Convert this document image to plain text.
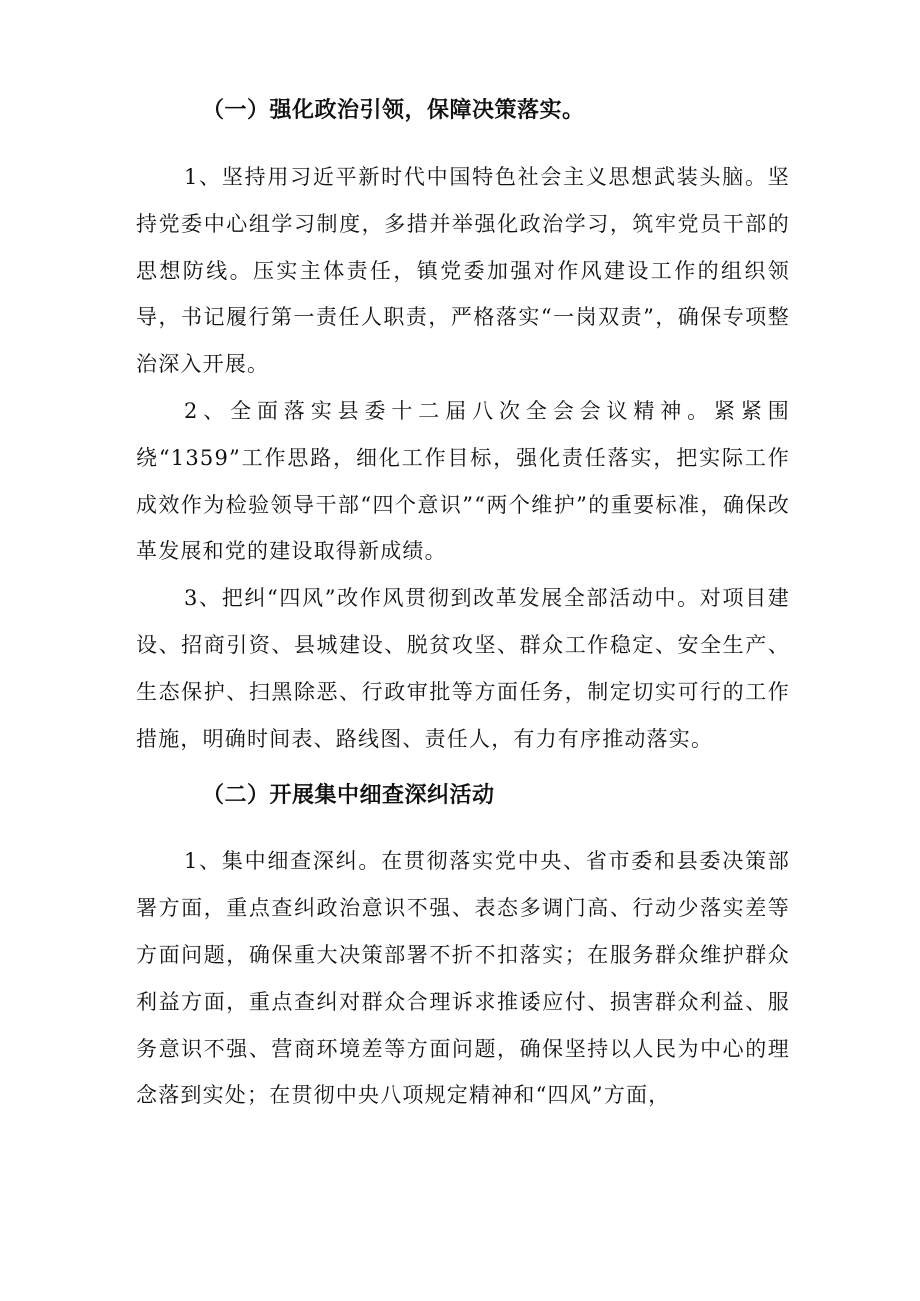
（一）强化政治引领，保障决策落实。

1、坚持用习近平新时代中国特色社会主义思想武装头脑。坚持党委中心组学习制度，多措并举强化政治学习，筑牢党员干部的思想防线。压实主体责任，镇党委加强对作风建设工作的组织领导，书记履行第一责任人职责，严格落实“一岗双责”，确保专项整治深入开展。

2、全面落实县委十二届八次全会会议精神。紧紧围绕“1359”工作思路，细化工作目标，强化责任落实，把实际工作成效作为检验领导干部“四个意识”“两个维护”的重要标准，确保改革发展和党的建设取得新成绩。

3、把纠“四风”改作风贯彻到改革发展全部活动中。对项目建设、招商引资、县城建设、脱贫攻坚、群众工作稳定、安全生产、生态保护、扫黑除恶、行政审批等方面任务，制定切实可行的工作措施，明确时间表、路线图、责任人，有力有序推动落实。

（二）开展集中细查深纠活动

1、集中细查深纠。在贯彻落实党中央、省市委和县委决策部署方面，重点查纠政治意识不强、表态多调门高、行动少落实差等方面问题，确保重大决策部署不折不扣落实；在服务群众维护群众利益方面，重点查纠对群众合理诉求推诿应付、损害群众利益、服务意识不强、营商环境差等方面问题，确保坚持以人民为中心的理念落到实处；在贯彻中央八项规定精神和“四风”方面，
